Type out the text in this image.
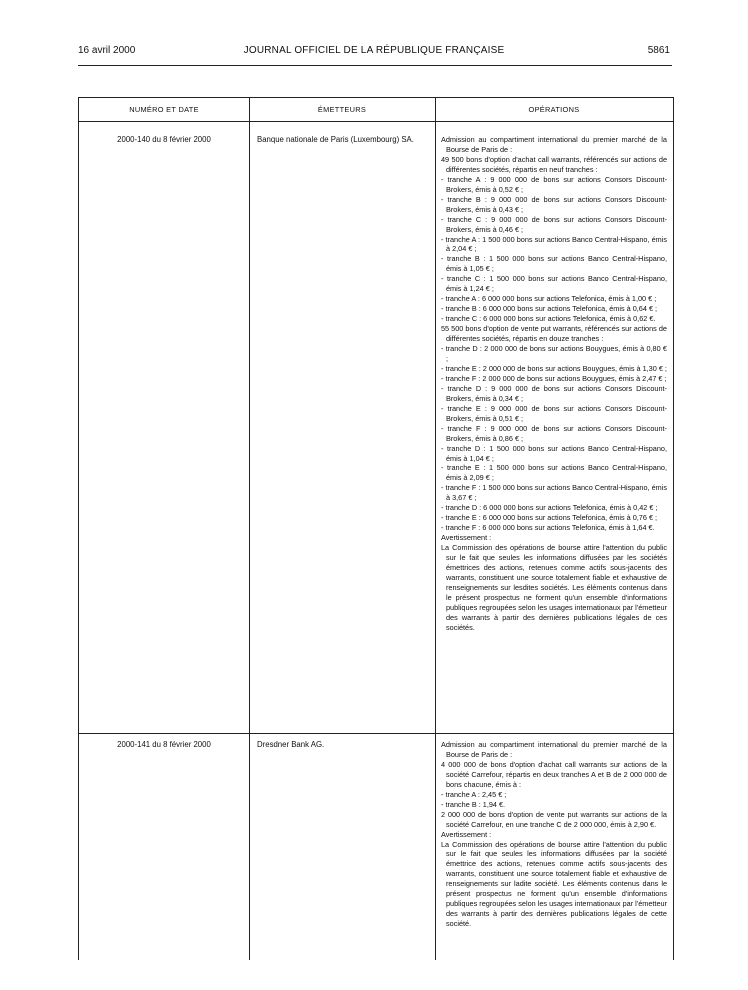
16 avril 2000	JOURNAL OFFICIEL DE LA RÉPUBLIQUE FRANÇAISE	5861
NUMÉRO ET DATE	ÉMETTEURS	OPÉRATIONS
2000-140 du 8 février 2000	Banque nationale de Paris (Luxembourg) SA.	Admission au compartiment international du premier marché de la Bourse de Paris de :
49 500 bons d'option d'achat call warrants, référencés sur actions de différentes sociétés, répartis en neuf tranches :
- tranche A : 9 000 000 de bons sur actions Consors Discount-Brokers, émis à 0,52 € ;
- tranche B : 9 000 000 de bons sur actions Consors Discount-Brokers, émis à 0,43 € ;
- tranche C : 9 000 000 de bons sur actions Consors Discount-Brokers, émis à 0,46 € ;
- tranche A : 1 500 000 bons sur actions Banco Central-Hispano, émis à 2,04 € ;
- tranche B : 1 500 000 bons sur actions Banco Central-Hispano, émis à 1,05 € ;
- tranche C : 1 500 000 bons sur actions Banco Central-Hispano, émis à 1,24 € ;
- tranche A : 6 000 000 bons sur actions Telefonica, émis à 1,00 € ;
- tranche B : 6 000 000 bons sur actions Telefonica, émis à 0,64 € ;
- tranche C : 6 000 000 bons sur actions Telefonica, émis à 0,62 €.
55 500 bons d'option de vente put warrants, référencés sur actions de différentes sociétés, répartis en douze tranches :
- tranche D : 2 000 000 de bons sur actions Bouygues, émis à 0,80 € ;
- tranche E : 2 000 000 de bons sur actions Bouygues, émis à 1,30 € ;
- tranche F : 2 000 000 de bons sur actions Bouygues, émis à 2,47 € ;
- tranche D : 9 000 000 de bons sur actions Consors Discount-Brokers, émis à 0,34 € ;
- tranche E : 9 000 000 de bons sur actions Consors Discount-Brokers, émis à 0,51 € ;
- tranche F : 9 000 000 de bons sur actions Consors Discount-Brokers, émis à 0,86 € ;
- tranche D : 1 500 000 bons sur actions Banco Central-Hispano, émis à 1,04 € ;
- tranche E : 1 500 000 bons sur actions Banco Central-Hispano, émis à 2,09 € ;
- tranche F : 1 500 000 bons sur actions Banco Central-Hispano, émis à 3,67 € ;
- tranche D : 6 000 000 bons sur actions Telefonica, émis à 0,42 € ;
- tranche E : 6 000 000 bons sur actions Telefonica, émis à 0,76 € ;
- tranche F : 6 000 000 bons sur actions Telefonica, émis à 1,64 €.
Avertissement :
La Commission des opérations de bourse attire l'attention du public sur le fait que seules les informations diffusées par les sociétés émettrices des actions, retenues comme actifs sous-jacents des warrants, constituent une source totalement fiable et exhaustive de renseignements sur lesdites sociétés. Les éléments contenus dans le présent prospectus ne forment qu'un ensemble d'informations publiques regroupées selon les usages internationaux par l'émetteur des warrants à partir des dernières publications légales de ces sociétés.
2000-141 du 8 février 2000	Dresdner Bank AG.	Admission au compartiment international du premier marché de la Bourse de Paris de :
4 000 000 de bons d'option d'achat call warrants sur actions de la société Carrefour, répartis en deux tranches A et B de 2 000 000 de bons chacune, émis à :
- tranche A : 2,45 € ;
- tranche B : 1,94 €.
2 000 000 de bons d'option de vente put warrants sur actions de la société Carrefour, en une tranche C de 2 000 000, émis à 2,90 €.
Avertissement :
La Commission des opérations de bourse attire l'attention du public sur le fait que seules les informations diffusées par la société émettrice des actions, retenues comme actifs sous-jacents des warrants, constituent une source totalement fiable et exhaustive de renseignements sur ladite société. Les éléments contenus dans le présent prospectus ne forment qu'un ensemble d'informations publiques regroupées selon les usages internationaux par l'émetteur des warrants à partir des dernières publications légales de cette société.
